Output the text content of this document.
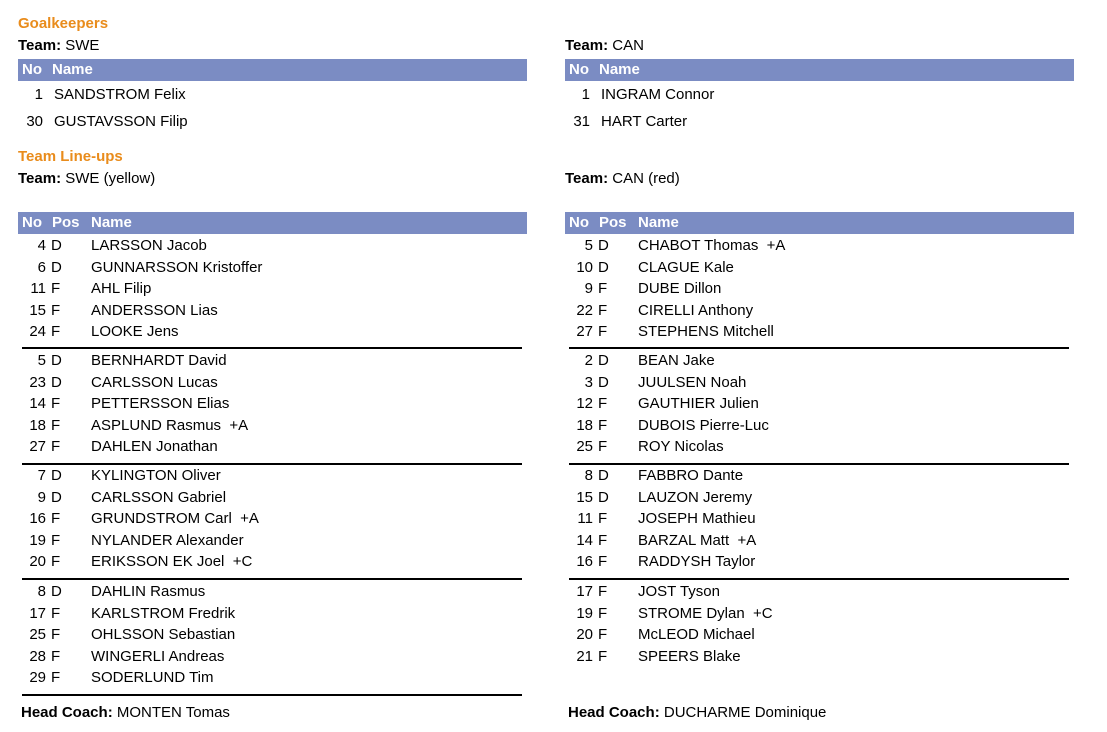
Goalkeepers
Team: SWE	Team: CAN
No Name	No Name
1 SANDSTROM Felix
30 GUSTAVSSON Filip
1 INGRAM Connor
31 HART Carter
Team Line-ups
Team: SWE (yellow)	Team: CAN (red)
No Pos Name	No Pos Name
4 D LARSSON Jacob
6 D GUNNARSSON Kristoffer
11 F AHL Filip
15 F ANDERSSON Lias
24 F LOOKE Jens
5 D BERNHARDT David
23 D CARLSSON Lucas
14 F PETTERSSON Elias
18 F ASPLUND Rasmus  +A
27 F DAHLEN Jonathan
7 D KYLINGTON Oliver
9 D CARLSSON Gabriel
16 F GRUNDSTROM Carl  +A
19 F NYLANDER Alexander
20 F ERIKSSON EK Joel  +C
8 D DAHLIN Rasmus
17 F KARLSTROM Fredrik
25 F OHLSSON Sebastian
28 F WINGERLI Andreas
29 F SODERLUND Tim
5 D CHABOT Thomas  +A
10 D CLAGUE Kale
9 F DUBE Dillon
22 F CIRELLI Anthony
27 F STEPHENS Mitchell
2 D BEAN Jake
3 D JUULSEN Noah
12 F GAUTHIER Julien
18 F DUBOIS Pierre-Luc
25 F ROY Nicolas
8 D FABBRO Dante
15 D LAUZON Jeremy
11 F JOSEPH Mathieu
14 F BARZAL Matt  +A
16 F RADDYSH Taylor
17 F JOST Tyson
19 F STROME Dylan  +C
20 F McLEOD Michael
21 F SPEERS Blake
Head Coach: MONTEN Tomas	Head Coach: DUCHARME Dominique
